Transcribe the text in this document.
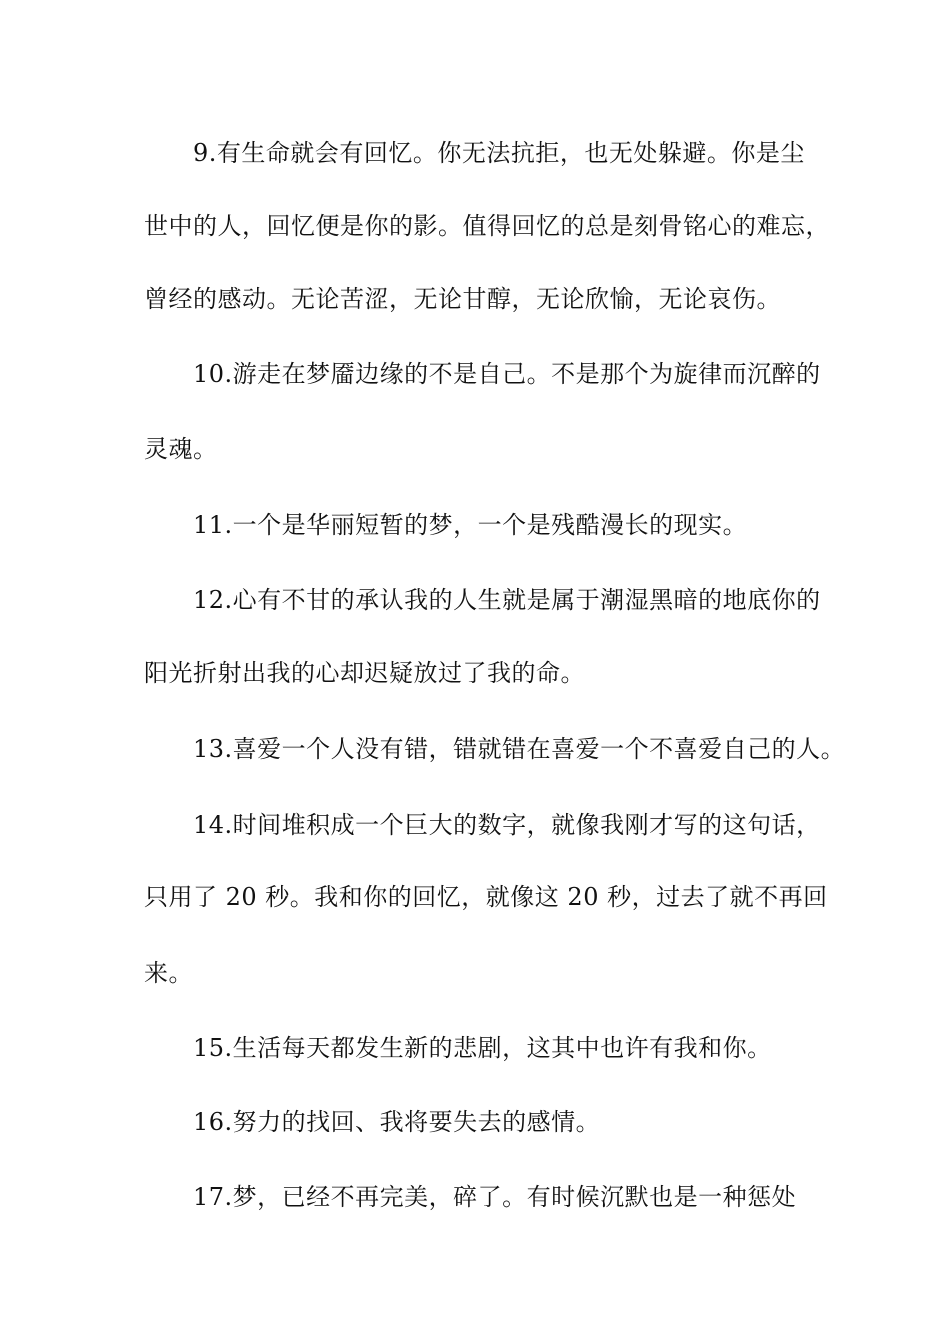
9.有生命就会有回忆。你无法抗拒，也无处躲避。你是尘
世中的人，回忆便是你的影。值得回忆的总是刻骨铭心的难忘，
曾经的感动。无论苦涩，无论甘醇，无论欣愉，无论哀伤。
10.游走在梦靥边缘的不是自己。不是那个为旋律而沉醉的
灵魂。
11.一个是华丽短暂的梦，一个是残酷漫长的现实。
12.心有不甘的承认我的人生就是属于潮湿黑暗的地底你的
阳光折射出我的心却迟疑放过了我的命。
13.喜爱一个人没有错，错就错在喜爱一个不喜爱自己的人。
14.时间堆积成一个巨大的数字，就像我刚才写的这句话，
只用了 20 秒。我和你的回忆，就像这 20 秒，过去了就不再回
来。
15.生活每天都发生新的悲剧，这其中也许有我和你。
16.努力的找回、我将要失去的感情。
17.梦，已经不再完美，碎了。有时候沉默也是一种惩处
